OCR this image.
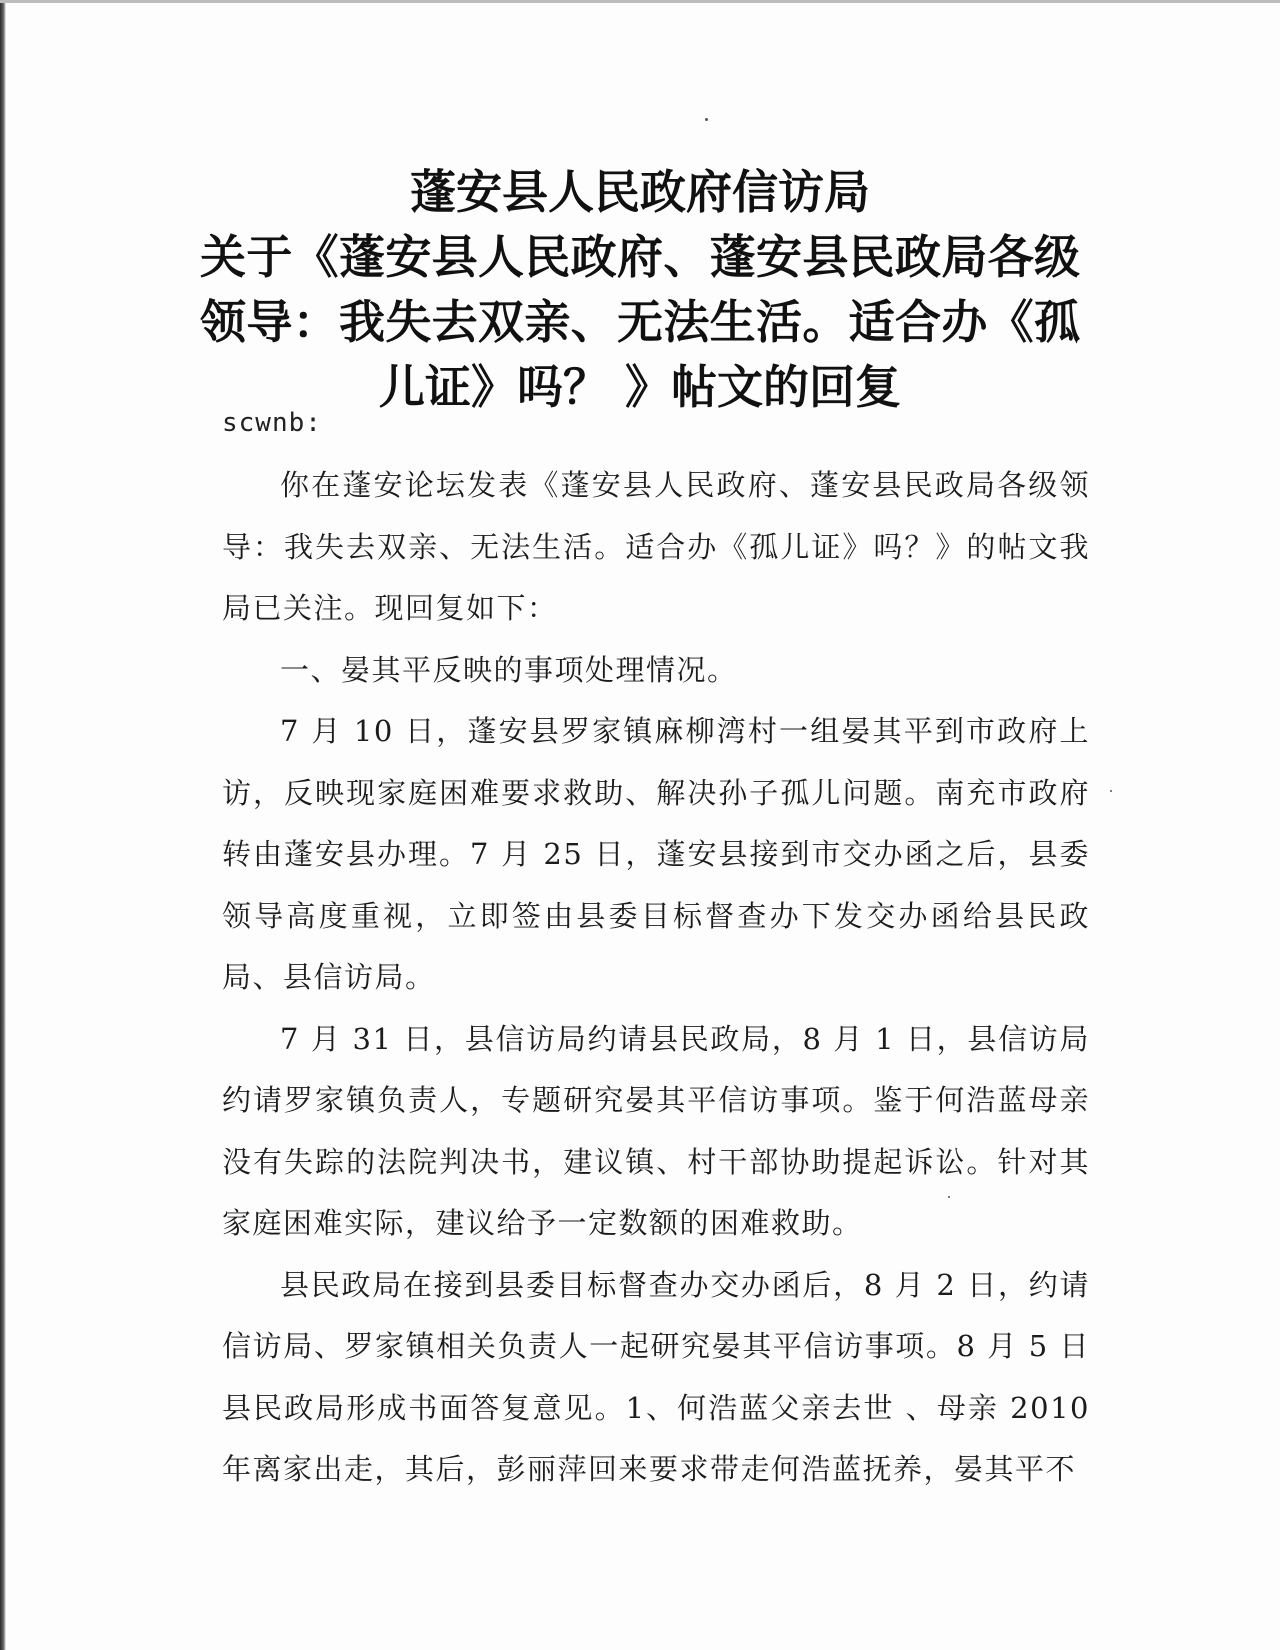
蓬安县人民政府信访局
关于《蓬安县人民政府、蓬安县民政局各级
领导：我失去双亲、无法生活。适合办《孤
儿证》吗？ 》帖文的回复
scwnb:

你在蓬安论坛发表《蓬安县人民政府、蓬安县民政局各级领导：我失去双亲、无法生活。适合办《孤儿证》吗？》的帖文我局已关注。现回复如下：

一、晏其平反映的事项处理情况。

7 月 10 日，蓬安县罗家镇麻柳湾村一组晏其平到市政府上访，反映现家庭困难要求救助、解决孙子孤儿问题。南充市政府转由蓬安县办理。7 月 25 日，蓬安县接到市交办函之后，县委领导高度重视，立即签由县委目标督查办下发交办函给县民政局、县信访局。

7 月 31 日，县信访局约请县民政局，8 月 1 日，县信访局约请罗家镇负责人，专题研究晏其平信访事项。鉴于何浩蓝母亲没有失踪的法院判决书，建议镇、村干部协助提起诉讼。针对其家庭困难实际，建议给予一定数额的困难救助。

县民政局在接到县委目标督查办交办函后，8 月 2 日，约请信访局、罗家镇相关负责人一起研究晏其平信访事项。8 月 5 日县民政局形成书面答复意见。1、何浩蓝父亲去世 、母亲 2010 年离家出走，其后，彭丽萍回来要求带走何浩蓝抚养，晏其平不
